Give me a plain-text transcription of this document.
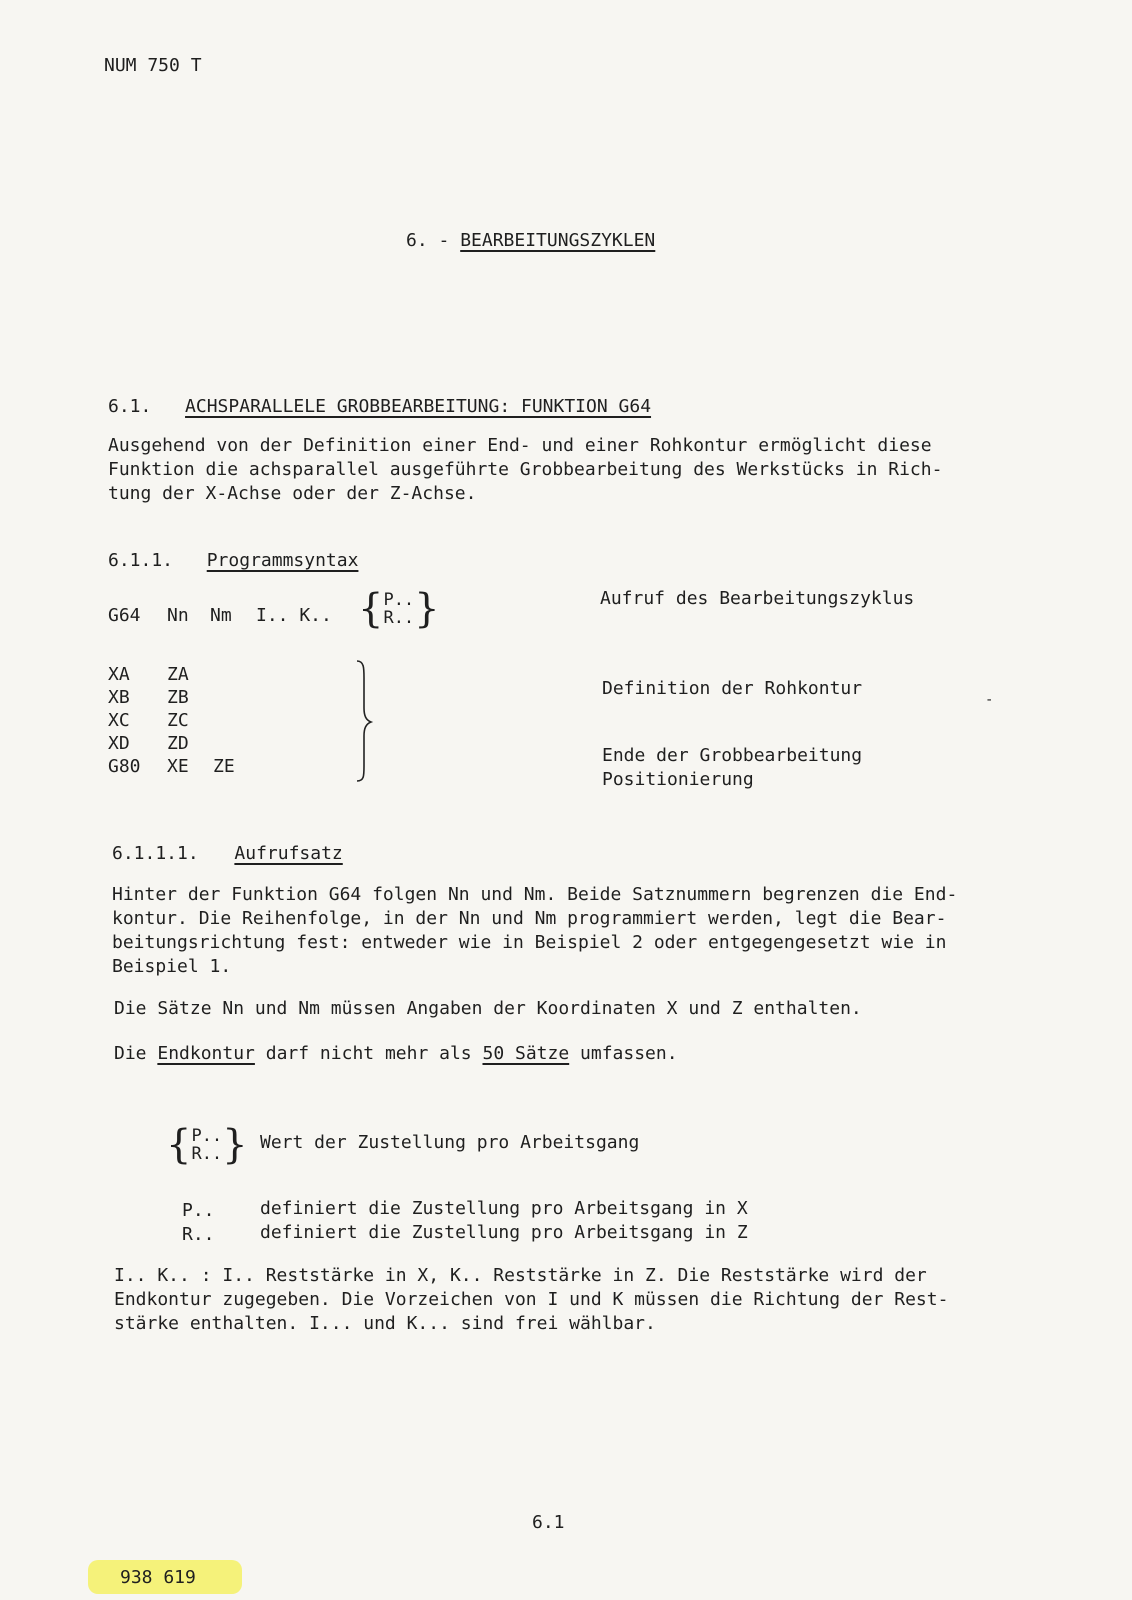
NUM 750 T
6. - BEARBEITUNGSZYKLEN
6.1. ACHSPARALLELE GROBBEARBEITUNG: FUNKTION G64
Ausgehend von der Definition einer End- und einer Rohkontur ermöglicht diese
Funktion die achsparallel ausgeführte Grobbearbeitung des Werkstücks in Rich-
tung der X-Achse oder der Z-Achse.
6.1.1. Programmsyntax
G64 Nn Nm I.. K.. { P..
R.. }	Aufruf des Bearbeitungszyklus
XA ZA
XB ZB
XC ZC
XD ZD
G80 XE ZE
Definition der Rohkontur
-
Ende der Grobbearbeitung
Positionierung
6.1.1.1. Aufrufsatz
Hinter der Funktion G64 folgen Nn und Nm. Beide Satznummern begrenzen die End-
kontur. Die Reihenfolge, in der Nn und Nm programmiert werden, legt die Bear-
beitungsrichtung fest: entweder wie in Beispiel 2 oder entgegengesetzt wie in
Beispiel 1.
Die Sätze Nn und Nm müssen Angaben der Koordinaten X und Z enthalten.
Die Endkontur darf nicht mehr als 50 Sätze umfassen.
{ P..
R.. } Wert der Zustellung pro Arbeitsgang
P..	definiert die Zustellung pro Arbeitsgang in X
R..	definiert die Zustellung pro Arbeitsgang in Z
I.. K.. : I.. Reststärke in X, K.. Reststärke in Z. Die Reststärke wird der
Endkontur zugegeben. Die Vorzeichen von I und K müssen die Richtung der Rest-
stärke enthalten. I... und K... sind frei wählbar.
6.1
938 619
